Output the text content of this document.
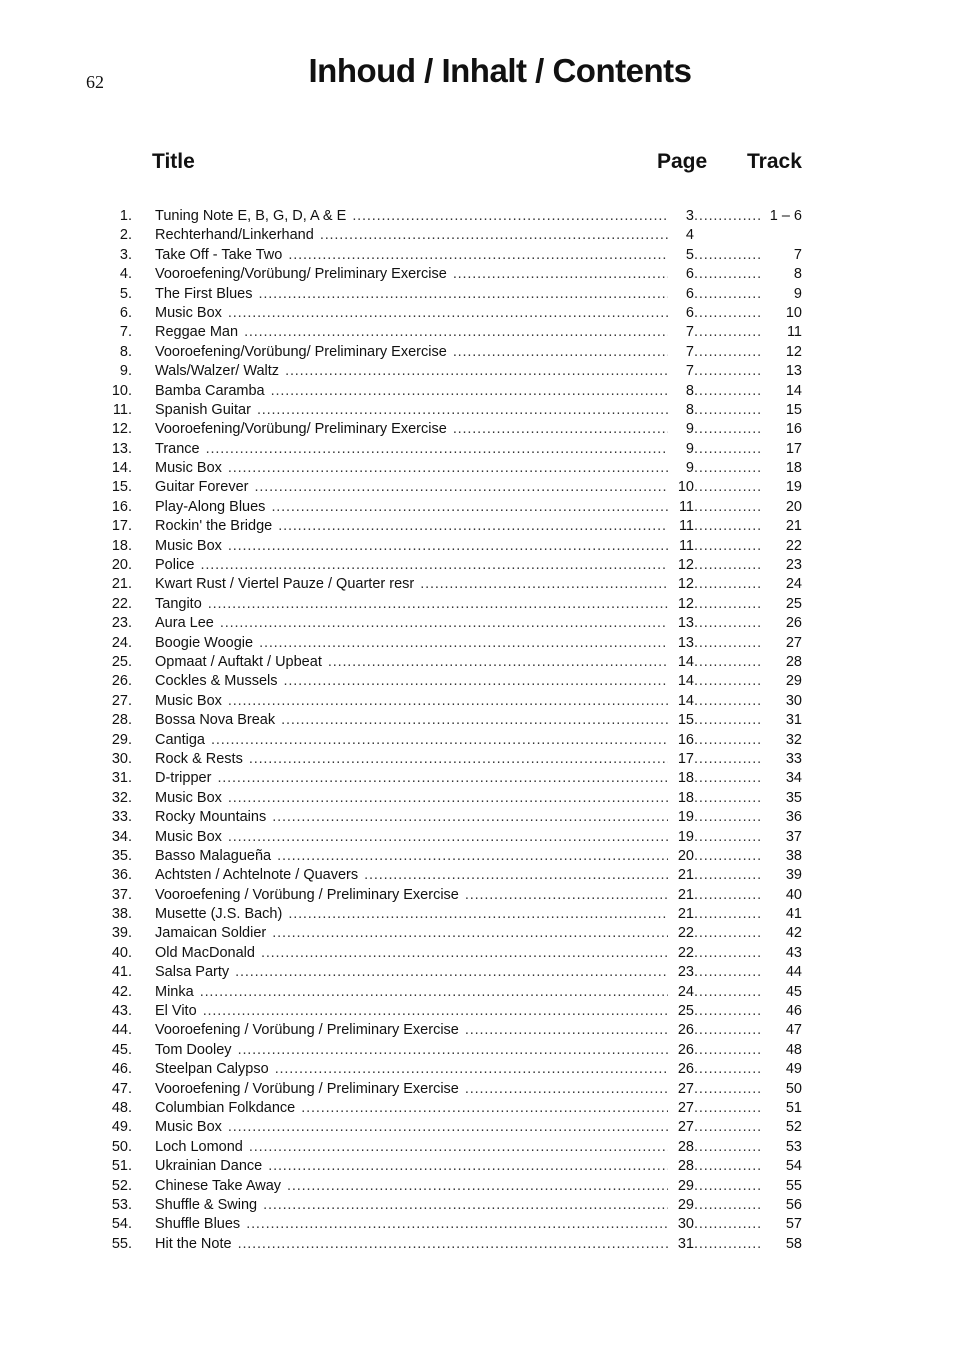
62	Inhoud / Inhalt / Contents
Title	Page Track
1. Tuning Note E, B, G, D, A & E . . .	3 . . .	1 – 6
2. Rechterhand/Linkerhand . . .	4
3. Take Off - Take Two . . .	5 . . .	7
4. Vooroefening/Vorübung/ Preliminary Exercise . . .	6 . . .	8
5. The First Blues . . .	6 . . .	9
6. Music Box . . .	6 . . .	10
7. Reggae Man . . .	7 . . .	11
8. Vooroefening/Vorübung/ Preliminary Exercise . . .	7 . . .	12
9. Wals/Walzer/ Waltz . . .	7 . . .	13
10. Bamba Caramba . . .	8 . . .	14
11. Spanish Guitar . . .	8 . . .	15
12. Vooroefening/Vorübung/ Preliminary Exercise . . .	9 . . .	16
13. Trance . . .	9 . . .	17
14. Music Box . . .	9 . . .	18
15. Guitar Forever . . .	10 . . .	19
16. Play-Along Blues . . .	11 . . .	20
17. Rockin' the Bridge . . .	11 . . .	21
18. Music Box . . .	11 . . .	22
20. Police . . .	12 . . .	23
21. Kwart Rust / Viertel Pauze / Quarter resr . . .	12 . . .	24
22. Tangito . . .	12 . . .	25
23. Aura Lee . . .	13 . . .	26
24. Boogie Woogie . . .	13 . . .	27
25. Opmaat / Auftakt / Upbeat . . .	14 . . .	28
26. Cockles & Mussels . . .	14 . . .	29
27. Music Box . . .	14 . . .	30
28. Bossa Nova Break . . .	15 . . .	31
29. Cantiga . . .	16 . . .	32
30. Rock & Rests . . .	17 . . .	33
31. D-tripper . . .	18 . . .	34
32. Music Box . . .	18 . . .	35
33. Rocky Mountains . . .	19 . . .	36
34. Music Box . . .	19 . . .	37
35. Basso Malagueña . . .	20 . . .	38
36. Achtsten / Achtelnote / Quavers . . .	21 . . .	39
37. Vooroefening / Vorübung / Preliminary Exercise . . .	21 . . .	40
38. Musette (J.S. Bach) . . .	21 . . .	41
39. Jamaican Soldier . . .	22 . . .	42
40. Old MacDonald . . .	22 . . .	43
41. Salsa Party . . .	23 . . .	44
42. Minka . . .	24 . . .	45
43. El Vito . . .	25 . . .	46
44. Vooroefening / Vorübung / Preliminary Exercise . . .	26 . . .	47
45. Tom Dooley . . .	26 . . .	48
46. Steelpan Calypso . . .	26 . . .	49
47. Vooroefening / Vorübung / Preliminary Exercise . . .	27 . . .	50
48. Columbian Folkdance . . .	27 . . .	51
49. Music Box . . .	27 . . .	52
50. Loch Lomond . . .	28 . . .	53
51. Ukrainian Dance . . .	28 . . .	54
52. Chinese Take Away . . .	29 . . .	55
53. Shuffle & Swing . . .	29 . . .	56
54. Shuffle Blues . . .	30 . . .	57
55. Hit the Note . . .	31 . . .	58
